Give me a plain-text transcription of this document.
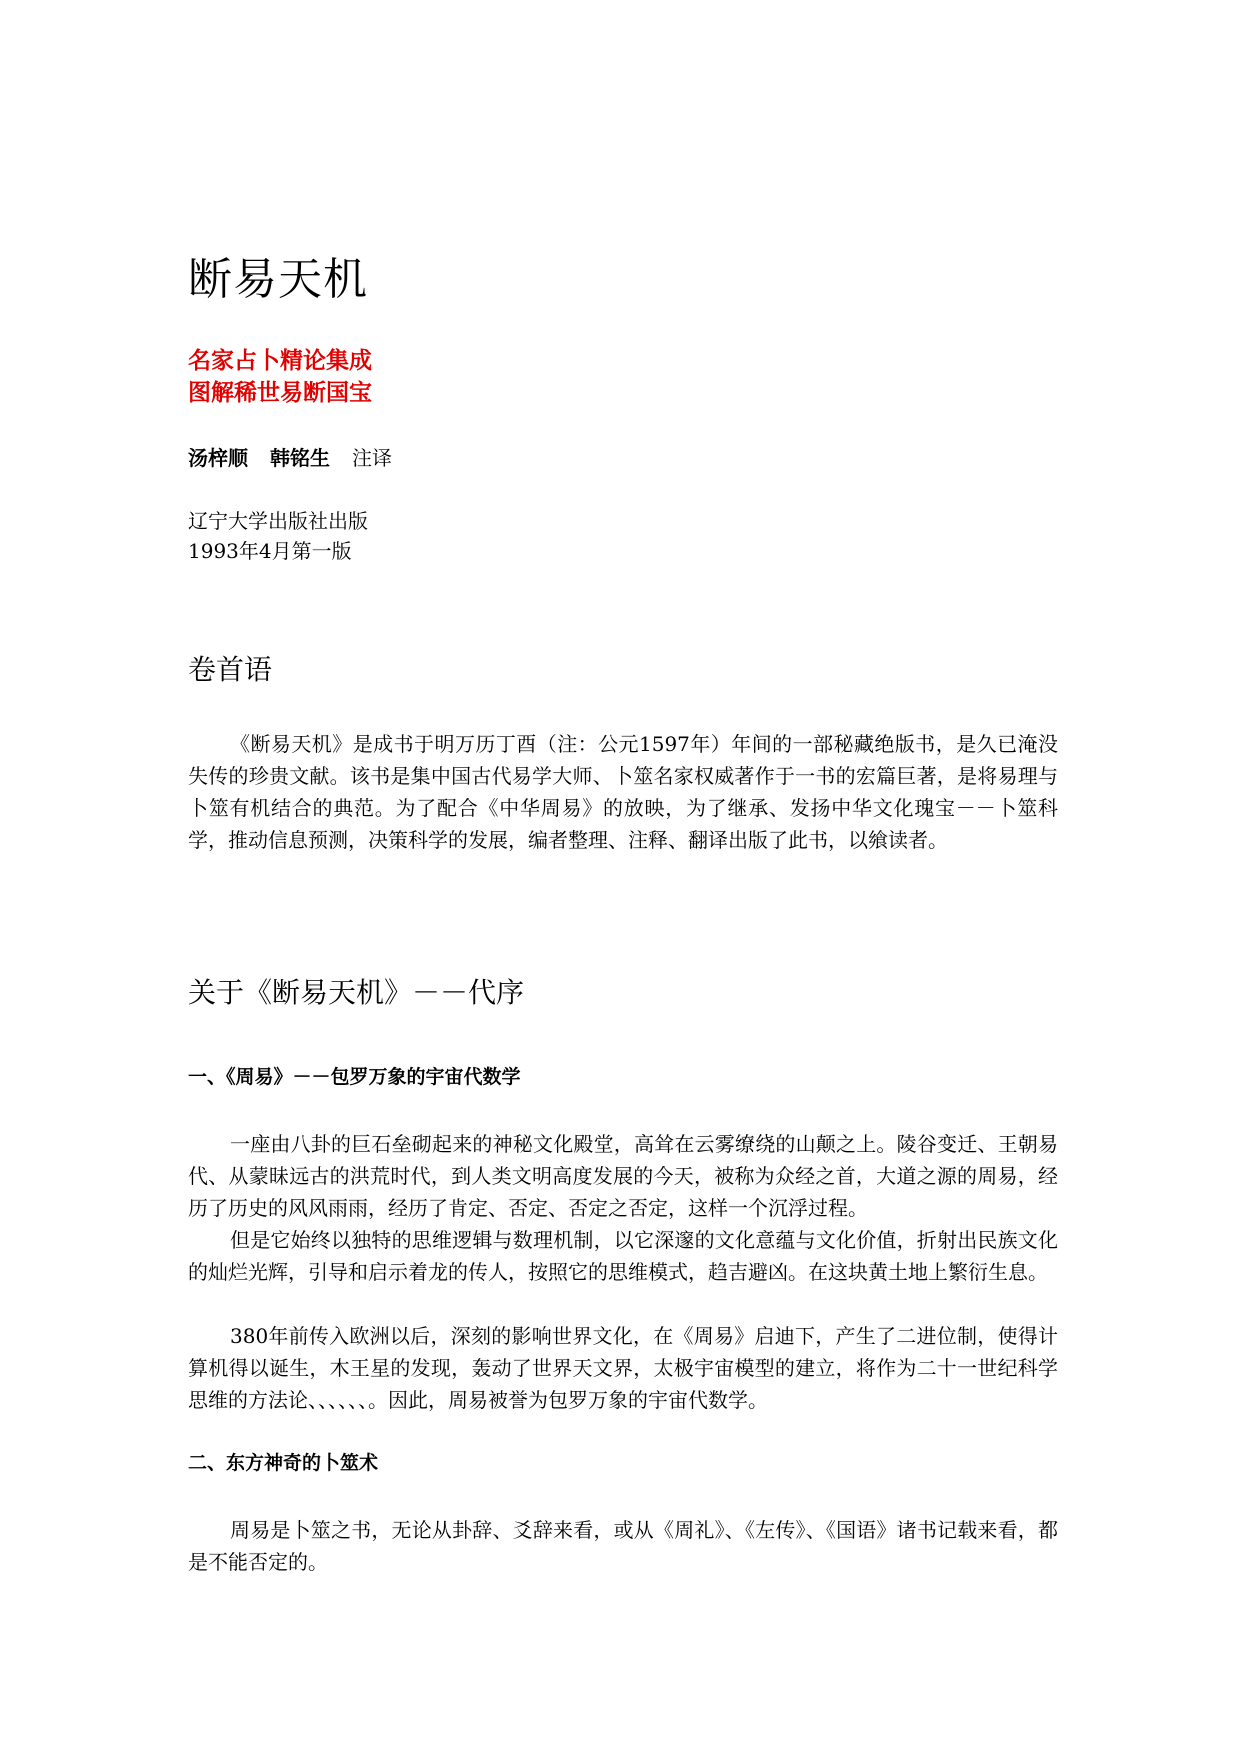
断易天机

名家占卜精论集成

图解稀世易断国宝

汤梓顺 韩铭生 注译

辽宁大学出版社出版

1993年4月第一版

卷首语

《断易天机》是成书于明万历丁酉（注：公元1597年）年间的一部秘藏绝版书，是久已淹没失传的珍贵文献。该书是集中国古代易学大师、卜筮名家权威著作于一书的宏篇巨著，是将易理与卜筮有机结合的典范。为了配合《中华周易》的放映，为了继承、发扬中华文化瑰宝－－卜筮科学，推动信息预测，决策科学的发展，编者整理、注释、翻译出版了此书，以飨读者。

关于《断易天机》－－代序
一、《周易》－－包罗万象的宇宙代数学

一座由八卦的巨石垒砌起来的神秘文化殿堂，高耸在云雾缭绕的山颠之上。陵谷变迁、王朝易代、从蒙昧远古的洪荒时代，到人类文明高度发展的今天，被称为众经之首，大道之源的周易，经历了历史的风风雨雨，经历了肯定、否定、否定之否定，这样一个沉浮过程。

但是它始终以独特的思维逻辑与数理机制，以它深邃的文化意蕴与文化价值，折射出民族文化的灿烂光辉，引导和启示着龙的传人，按照它的思维模式，趋吉避凶。在这块黄土地上繁衍生息。

380年前传入欧洲以后，深刻的影响世界文化，在《周易》启迪下，产生了二进位制，使得计算机得以诞生，木王星的发现，轰动了世界天文界，太极宇宙模型的建立，将作为二十一世纪科学思维的方法论、、、、、、。因此，周易被誉为包罗万象的宇宙代数学。

二、东方神奇的卜筮术

周易是卜筮之书，无论从卦辞、爻辞来看，或从《周礼》、《左传》、《国语》诸书记载来看，都是不能否定的。
